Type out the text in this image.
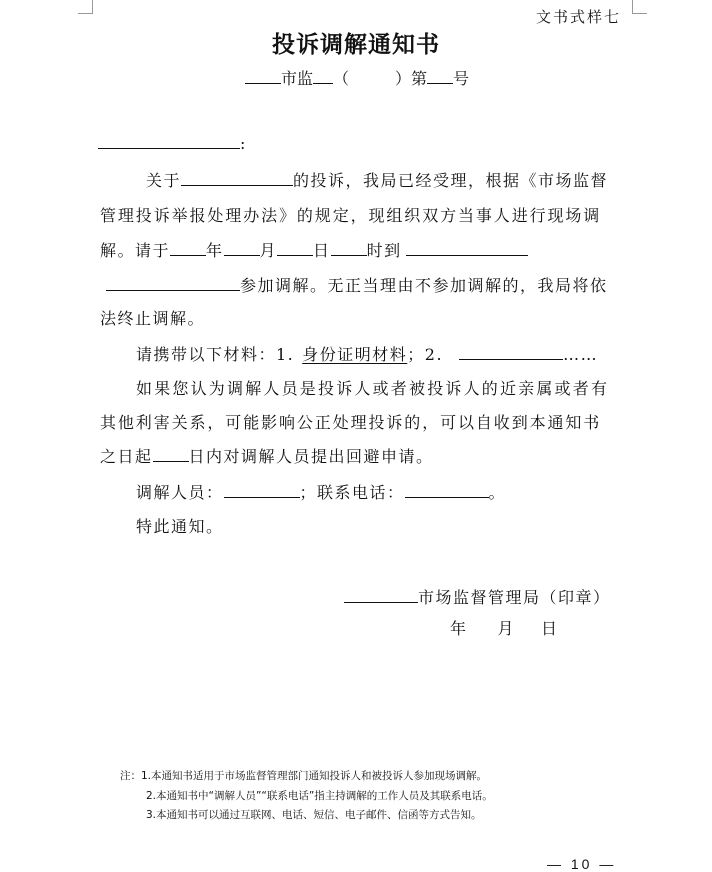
文书式样七
投诉调解通知书
市监 （	）第 号
:
关于	的投诉，我局已经受理，根据《市场监督
管理投诉举报处理办法》的规定，现组织双方当事人进行现场调
解。请于 年 月 日 时到
参加调解。无正当理由不参加调解的，我局将依
法终止调解。
请携带以下材料：1. 身份证明材料；2.	……
如果您认为调解人员是投诉人或者被投诉人的近亲属或者有
其他利害关系，可能影响公正处理投诉的，可以自收到本通知书
之日起 日内对调解人员提出回避申请。
调解人员：	；联系电话：	。
特此通知。
市场监督管理局（印章）
年 月 日
注：1.本通知书适用于市场监督管理部门通知投诉人和被投诉人参加现场调解。
2.本通知书中“调解人员”“联系电话”指主持调解的工作人员及其联系电话。
3.本通知书可以通过互联网、电话、短信、电子邮件、信函等方式告知。
— 10 —
